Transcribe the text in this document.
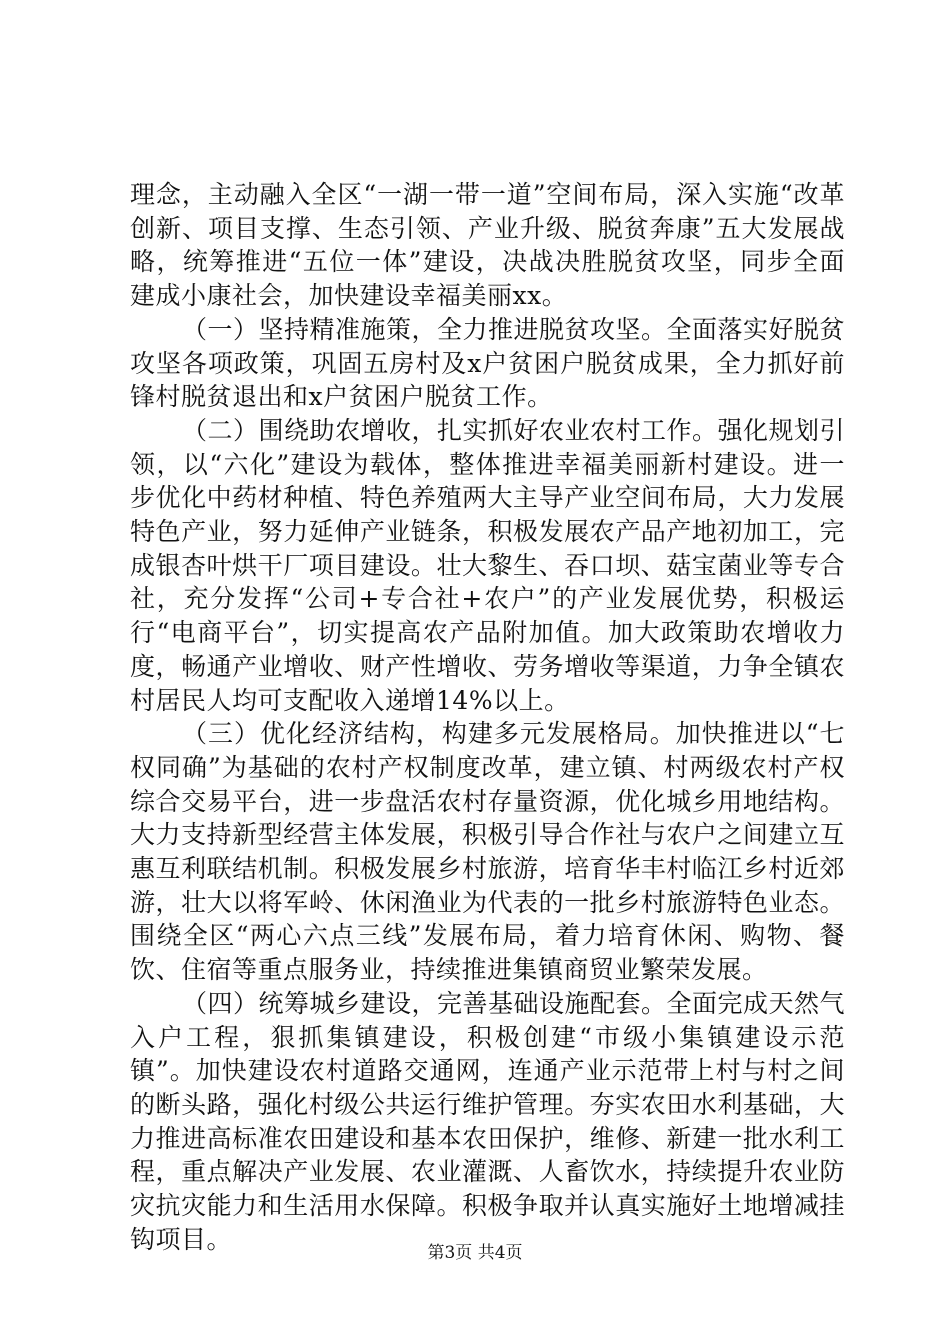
理念，主动融入全区“一湖一带一道”空间布局，深入实施“改革创新、项目支撑、生态引领、产业升级、脱贫奔康”五大发展战略，统筹推进“五位一体”建设，决战决胜脱贫攻坚，同步全面建成小康社会，加快建设幸福美丽xx。

（一）坚持精准施策，全力推进脱贫攻坚。全面落实好脱贫攻坚各项政策，巩固五房村及x户贫困户脱贫成果，全力抓好前锋村脱贫退出和x户贫困户脱贫工作。

（二）围绕助农增收，扎实抓好农业农村工作。强化规划引领，以“六化”建设为载体，整体推进幸福美丽新村建设。进一步优化中药材种植、特色养殖两大主导产业空间布局，大力发展特色产业，努力延伸产业链条，积极发展农产品产地初加工，完成银杏叶烘干厂项目建设。壮大黎生、吞口坝、菇宝菌业等专合社，充分发挥“公司+专合社+农户”的产业发展优势，积极运行“电商平台”，切实提高农产品附加值。加大政策助农增收力度，畅通产业增收、财产性增收、劳务增收等渠道，力争全镇农村居民人均可支配收入递增14%以上。

（三）优化经济结构，构建多元发展格局。加快推进以“七权同确”为基础的农村产权制度改革，建立镇、村两级农村产权综合交易平台，进一步盘活农村存量资源，优化城乡用地结构。大力支持新型经营主体发展，积极引导合作社与农户之间建立互惠互利联结机制。积极发展乡村旅游，培育华丰村临江乡村近郊游，壮大以将军岭、休闲渔业为代表的一批乡村旅游特色业态。围绕全区“两心六点三线”发展布局，着力培育休闲、购物、餐饮、住宿等重点服务业，持续推进集镇商贸业繁荣发展。

（四）统筹城乡建设，完善基础设施配套。全面完成天然气入户工程，狠抓集镇建设，积极创建“市级小集镇建设示范镇”。加快建设农村道路交通网，连通产业示范带上村与村之间的断头路，强化村级公共运行维护管理。夯实农田水利基础，大力推进高标准农田建设和基本农田保护，维修、新建一批水利工程，重点解决产业发展、农业灌溉、人畜饮水，持续提升农业防灾抗灾能力和生活用水保障。积极争取并认真实施好土地增减挂钩项目。	第3页 共4页
